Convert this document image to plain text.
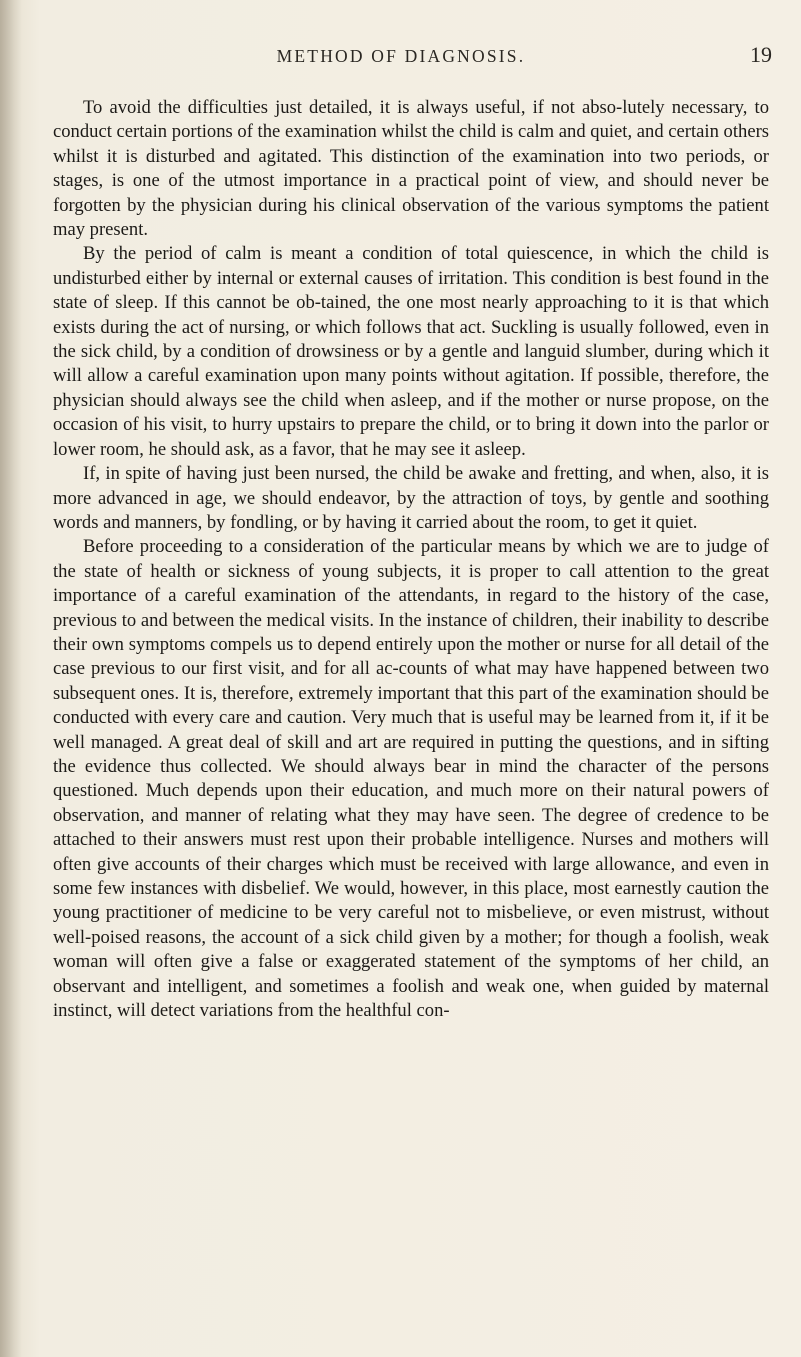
METHOD OF DIAGNOSIS.	19

To avoid the difficulties just detailed, it is always useful, if not abso-lutely necessary, to conduct certain portions of the examination whilst the child is calm and quiet, and certain others whilst it is disturbed and agitated. This distinction of the examination into two periods, or stages, is one of the utmost importance in a practical point of view, and should never be forgotten by the physician during his clinical observation of the various symptoms the patient may present.

By the period of calm is meant a condition of total quiescence, in which the child is undisturbed either by internal or external causes of irritation. This condition is best found in the state of sleep. If this cannot be ob-tained, the one most nearly approaching to it is that which exists during the act of nursing, or which follows that act. Suckling is usually followed, even in the sick child, by a condition of drowsiness or by a gentle and languid slumber, during which it will allow a careful examination upon many points without agitation. If possible, therefore, the physician should always see the child when asleep, and if the mother or nurse propose, on the occasion of his visit, to hurry upstairs to prepare the child, or to bring it down into the parlor or lower room, he should ask, as a favor, that he may see it asleep.

If, in spite of having just been nursed, the child be awake and fretting, and when, also, it is more advanced in age, we should endeavor, by the attraction of toys, by gentle and soothing words and manners, by fondling, or by having it carried about the room, to get it quiet.

Before proceeding to a consideration of the particular means by which we are to judge of the state of health or sickness of young subjects, it is proper to call attention to the great importance of a careful examination of the attendants, in regard to the history of the case, previous to and between the medical visits. In the instance of children, their inability to describe their own symptoms compels us to depend entirely upon the mother or nurse for all detail of the case previous to our first visit, and for all ac-counts of what may have happened between two subsequent ones. It is, therefore, extremely important that this part of the examination should be conducted with every care and caution. Very much that is useful may be learned from it, if it be well managed. A great deal of skill and art are required in putting the questions, and in sifting the evidence thus collected. We should always bear in mind the character of the persons questioned. Much depends upon their education, and much more on their natural powers of observation, and manner of relating what they may have seen. The degree of credence to be attached to their answers must rest upon their probable intelligence. Nurses and mothers will often give accounts of their charges which must be received with large allowance, and even in some few instances with disbelief. We would, however, in this place, most earnestly caution the young practitioner of medicine to be very careful not to misbelieve, or even mistrust, without well-poised reasons, the account of a sick child given by a mother; for though a foolish, weak woman will often give a false or exaggerated statement of the symptoms of her child, an observant and intelligent, and sometimes a foolish and weak one, when guided by maternal instinct, will detect variations from the healthful con-
